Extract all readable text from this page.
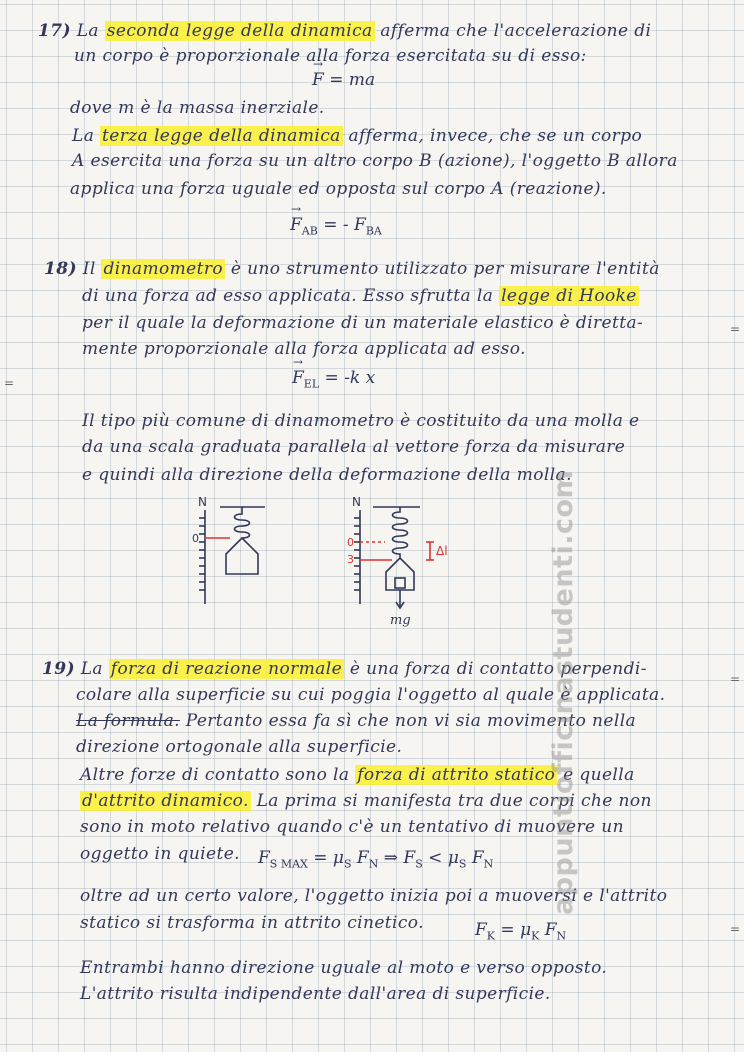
17) La seconda legge della dinamica afferma che l'accelerazione di
un corpo è proporzionale alla forza esercitata su di esso:
→ F = ma
dove m è la massa inerziale.
La terza legge della dinamica afferma, invece, che se un corpo
A esercita una forza su un altro corpo B (azione), l'oggetto B allora
applica una forza uguale ed opposta sul corpo A (reazione).
→ $F_{AB}$ = - $F_{BA}$
18) Il dinamometro è uno strumento utilizzato per misurare l'entità
di una forza ad esso applicata. Esso sfrutta la legge di Hooke
per il quale la deformazione di un materiale elastico è diretta-
mente proporzionale alla forza applicata ad esso.
→ $F_{EL} = -k$ x
Il tipo più comune di dinamometro è costituito da una molla e
da una scala graduata parallela al vettore forza da misurare
e quindi alla direzione della deformazione della molla.
N
0
N
0
3
Δl
mg
19) La forza di reazione normale è una forza di contatto perpendi-
colare alla superficie su cui poggia l'oggetto al quale è applicata.
La formula. Pertanto essa fa sì che non vi sia movimento nella
direzione ortogonale alla superficie.
Altre forze di contatto sono la forza di attrito statico e quella
d'attrito dinamico. La prima si manifesta tra due corpi che non
sono in moto relativo quando c'è un tentativo di muovere un
oggetto in quiete. $F_{S MAX} = \mu_S$ $F_N$ ⇒ $F_S < \mu_S$ $F_N$
oltre ad un certo valore, l'oggetto inizia poi a muoversi e l'attrito
statico si trasforma in attrito cinetico.	$F_K = \mu_K$ $F_N$
Entrambi hanno direzione uguale al moto e verso opposto.
L'attrito risulta indipendente dall'area di superficie.
=
=
=
=
appuntiofficinastudenti.com
